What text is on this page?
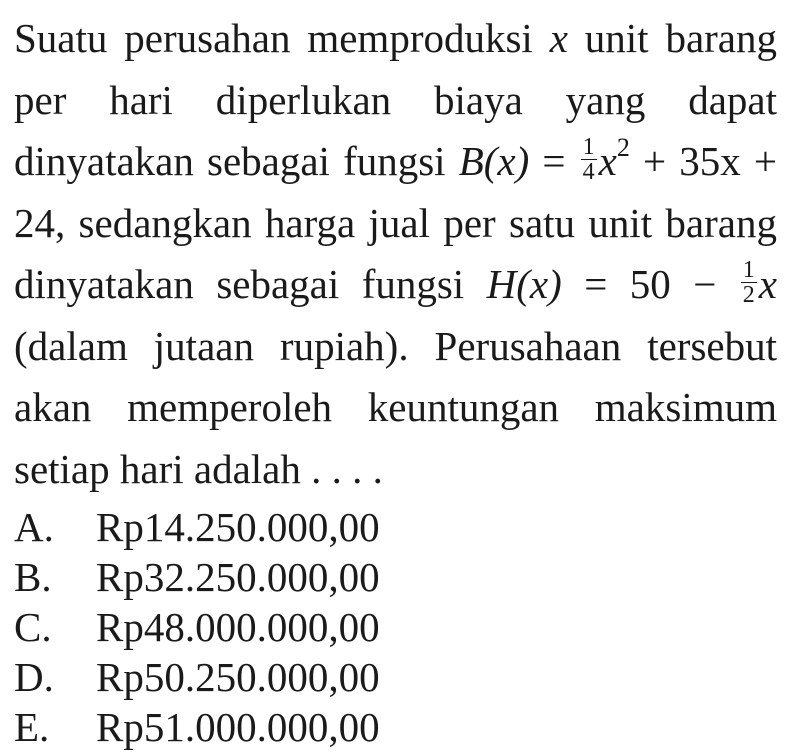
Suatu perusahan memproduksi x unit barang per hari diperlukan biaya yang dapat dinyatakan sebagai fungsi $B(x) = \frac{1}{4} x^2 + 35x + 24$, sedangkan harga jual per satu unit barang dinyatakan sebagai fungsi $H(x) = 50 - \frac{1}{2}$ x (dalam jutaan rupiah). Perusahaan tersebut akan memperoleh keuntungan maksimum setiap hari adalah . . . .

A.	Rp14.250.000,00
B.	Rp32.250.000,00
C.	Rp48.000.000,00
D.	Rp50.250.000,00
E.	Rp51.000.000,00
